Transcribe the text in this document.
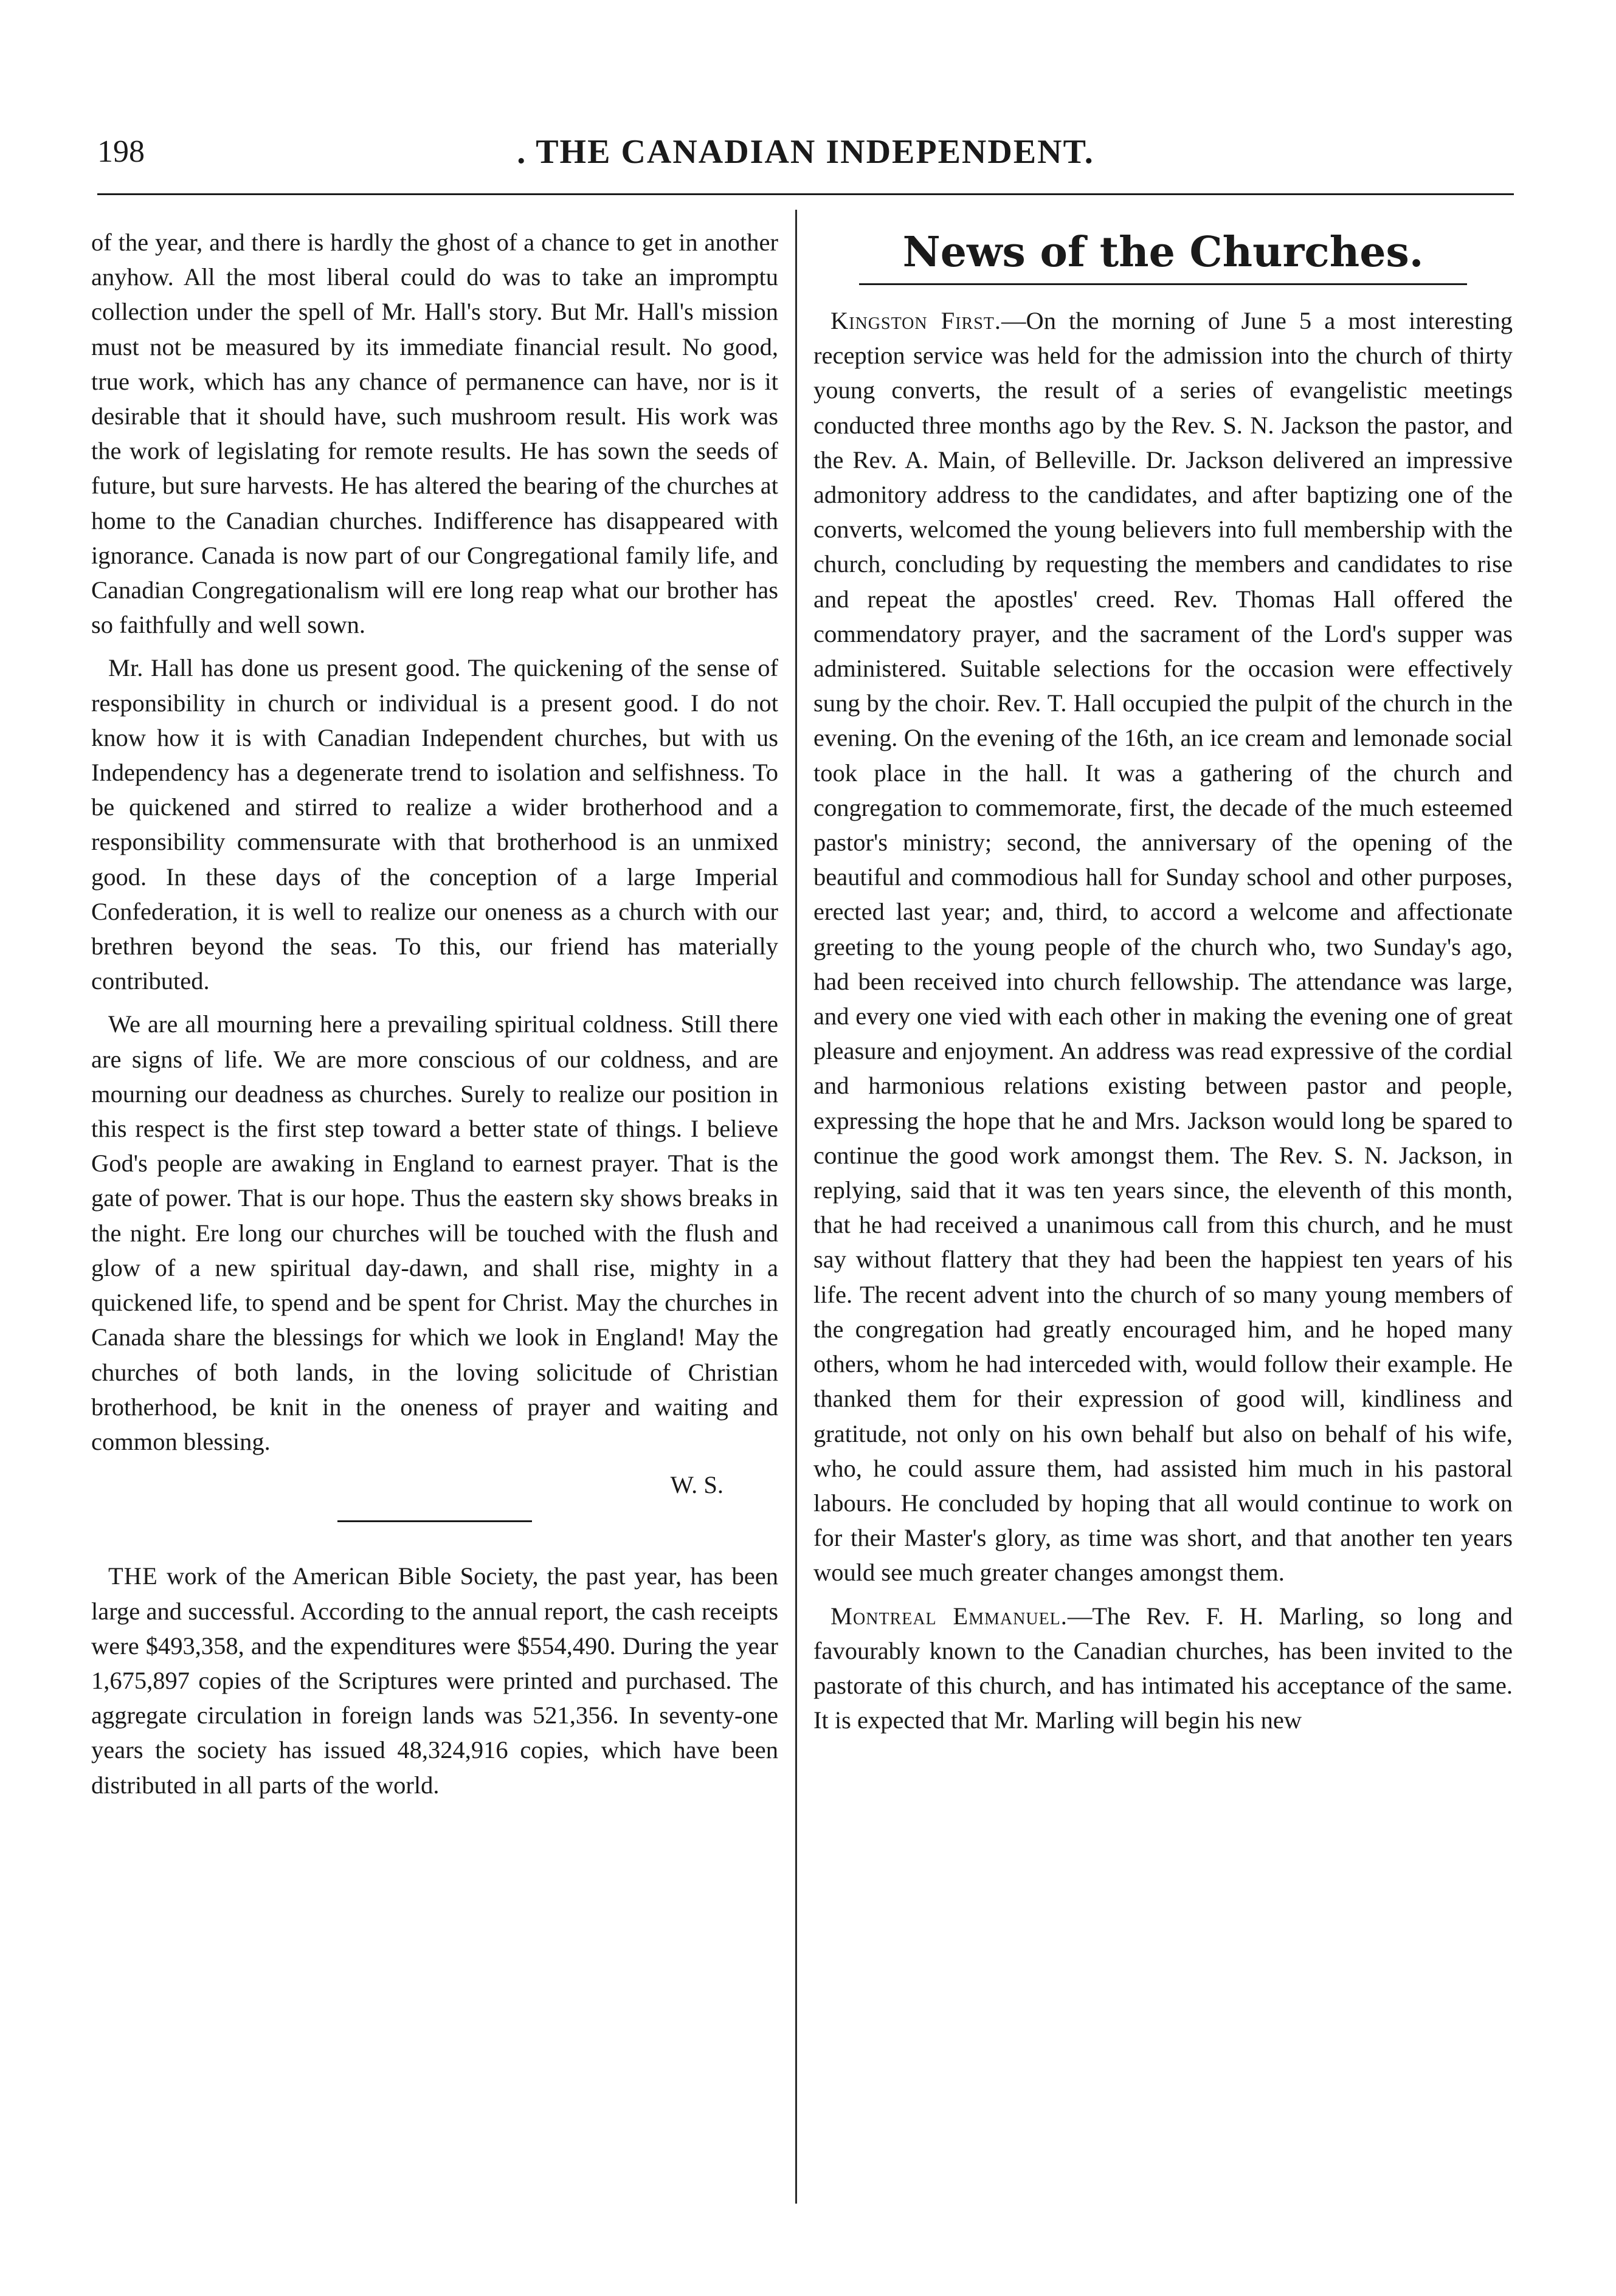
198	. THE CANADIAN INDEPENDENT.

of the year, and there is hardly the ghost of a chance to get in another anyhow. All the most liberal could do was to take an impromptu collection under the spell of Mr. Hall's story. But Mr. Hall's mission must not be measured by its immediate financial result. No good, true work, which has any chance of permanence can have, nor is it desirable that it should have, such mushroom result. His work was the work of legislating for remote results. He has sown the seeds of future, but sure harvests. He has altered the bearing of the churches at home to the Canadian churches. Indifference has disappeared with ignorance. Canada is now part of our Congregational family life, and Canadian Congregationalism will ere long reap what our brother has so faithfully and well sown.

Mr. Hall has done us present good. The quickening of the sense of responsibility in church or individual is a present good. I do not know how it is with Canadian Independent churches, but with us Independency has a degenerate trend to isolation and selfishness. To be quickened and stirred to realize a wider brotherhood and a responsibility commensurate with that brotherhood is an unmixed good. In these days of the conception of a large Imperial Confederation, it is well to realize our oneness as a church with our brethren beyond the seas. To this, our friend has materially contributed.

We are all mourning here a prevailing spiritual coldness. Still there are signs of life. We are more conscious of our coldness, and are mourning our deadness as churches. Surely to realize our position in this respect is the first step toward a better state of things. I believe God's people are awaking in England to earnest prayer. That is the gate of power. That is our hope. Thus the eastern sky shows breaks in the night. Ere long our churches will be touched with the flush and glow of a new spiritual day-dawn, and shall rise, mighty in a quickened life, to spend and be spent for Christ. May the churches in Canada share the blessings for which we look in England! May the churches of both lands, in the loving solicitude of Christian brotherhood, be knit in the oneness of prayer and waiting and common blessing.

W. S.

THE work of the American Bible Society, the past year, has been large and successful. According to the annual report, the cash receipts were $493,358, and the expenditures were $554,490. During the year 1,675,897 copies of the Scriptures were printed and purchased. The aggregate circulation in foreign lands was 521,356. In seventy-one years the society has issued 48,324,916 copies, which have been distributed in all parts of the world.

News of the Churches.

Kingston First.—On the morning of June 5 a most interesting reception service was held for the admission into the church of thirty young converts, the result of a series of evangelistic meetings conducted three months ago by the Rev. S. N. Jackson the pastor, and the Rev. A. Main, of Belleville. Dr. Jackson delivered an impressive admonitory address to the candidates, and after baptizing one of the converts, welcomed the young believers into full membership with the church, concluding by requesting the members and candidates to rise and repeat the apostles' creed. Rev. Thomas Hall offered the commendatory prayer, and the sacrament of the Lord's supper was administered. Suitable selections for the occasion were effectively sung by the choir. Rev. T. Hall occupied the pulpit of the church in the evening. On the evening of the 16th, an ice cream and lemonade social took place in the hall. It was a gathering of the church and congregation to commemorate, first, the decade of the much esteemed pastor's ministry; second, the anniversary of the opening of the beautiful and commodious hall for Sunday school and other purposes, erected last year; and, third, to accord a welcome and affectionate greeting to the young people of the church who, two Sunday's ago, had been received into church fellowship. The attendance was large, and every one vied with each other in making the evening one of great pleasure and enjoyment. An address was read expressive of the cordial and harmonious relations existing between pastor and people, expressing the hope that he and Mrs. Jackson would long be spared to continue the good work amongst them. The Rev. S. N. Jackson, in replying, said that it was ten years since, the eleventh of this month, that he had received a unanimous call from this church, and he must say without flattery that they had been the happiest ten years of his life. The recent advent into the church of so many young members of the congregation had greatly encouraged him, and he hoped many others, whom he had interceded with, would follow their example. He thanked them for their expression of good will, kindliness and gratitude, not only on his own behalf but also on behalf of his wife, who, he could assure them, had assisted him much in his pastoral labours. He concluded by hoping that all would continue to work on for their Master's glory, as time was short, and that another ten years would see much greater changes amongst them.

Montreal Emmanuel.—The Rev. F. H. Marling, so long and favourably known to the Canadian churches, has been invited to the pastorate of this church, and has intimated his acceptance of the same. It is expected that Mr. Marling will begin his new
